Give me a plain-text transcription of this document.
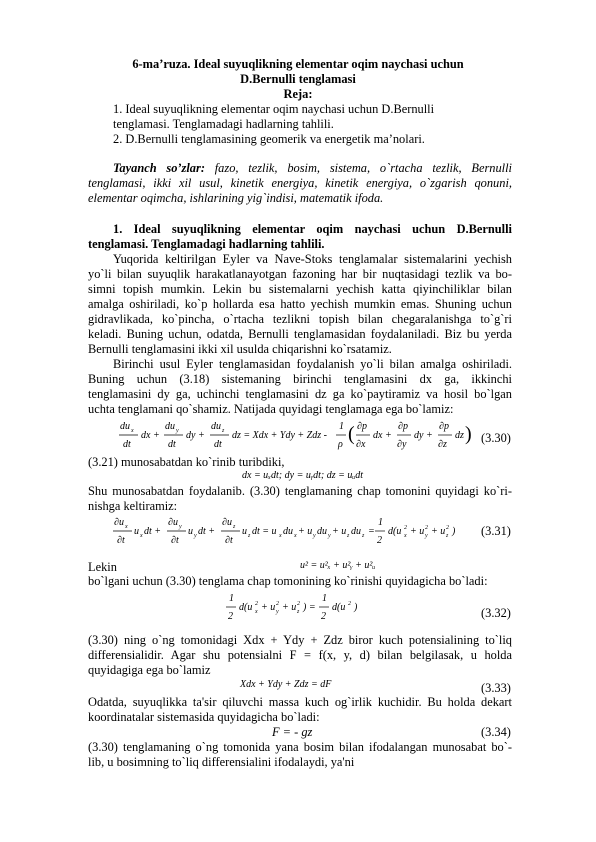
6-ma’ruza. Ideal suyuqlikning elementar oqim naychasi uchun
D.Bernulli tenglamasi
Reja:
1. Ideal suyuqlikning elementar oqim naychasi uchun D.Bernulli
tenglamasi. Tenglamadagi hadlarning tahlili.
2. D.Bernulli tenglamasining geomerik va energetik ma’nolari.
Tayanch so’zlar: fazo, tezlik, bosim, sistema, o`rtacha tezlik, Bernulli
tenglamasi, ikki xil usul, kinetik energiya, kinetik energiya, o`zgarish qonuni,
elementar oqimcha, ishlarining yig`indisi, matematik ifoda.
1. Ideal suyuqlikning elementar oqim naychasi uchun D.Bernulli
tenglamasi. Tenglamadagi hadlarning tahlili.
Yuqorida keltirilgan Eyler va Nave-Stoks tenglamalar sistemalarini yechish
yo`li bilan suyuqlik harakatlanayotgan fazoning har bir nuqtasidagi tezlik va bo-
simni topish mumkin. Lekin bu sistemalarni yechish katta qiyinchiliklar bilan
amalga oshiriladi, ko`p hollarda esa hatto yechish mumkin emas. Shuning uchun
gidravlikada, ko`pincha, o`rtacha tezlikni topish bilan chegaralanishga to`g`ri
keladi. Buning uchun, odatda, Bernulli tenglamasidan foydalaniladi. Biz bu yerda
Bernulli tenglamasini ikki xil usulda chiqarishni ko`rsatamiz.
Birinchi usul Eyler tenglamasidan foydalanish yo`li bilan amalga oshiriladi.
Buning uchun (3.18) sistemaning birinchi tenglamasini dx ga, ikkinchi
tenglamasini dy ga, uchinchi tenglamasini dz ga ko`paytiramiz va hosil bo`lgan
uchta tenglamani qo`shamiz. Natijada quyidagi tenglamaga ega bo`lamiz:
du x
dt
dx +
du y
dt
dy +
du z
dt
dz = Xdx + Ydy + Zdz -
1
ρ ( ∂p
∂x
dx +
∂p
∂y
dy +
∂p
∂z
dz ) (3.30)
(3.21) munosabatdan ko`rinib turibdiki,
dx = uₓdt; dy = uᵧdt; dz = uᵤdt
Shu munosabatdan foydalanib. (3.30) tenglamaning chap tomonini quyidagi ko`ri-
nishga keltiramiz:
∂u x
∂t
u x dt +
∂u y
∂t
u y dt +
∂u z
∂t
u z dt = u x du x + u y du y + u z du z =
1
2
d(u 2
x + u 2
y + u 2
z ) (3.31)
Lekin	u² = u²ₓ + u²ᵧ + u²ᵤ
bo`lgani uchun (3.30) tenglama chap tomonining ko`rinishi quyidagicha bo`ladi:
1
2
d(u 2
x + u 2
y + u 2
z ) =
1
2
d(u 2 )	(3.32)
(3.30) ning o`ng tomonidagi Xdx + Ydy + Zdz biror kuch potensialining to`liq
differensialidir. Agar shu potensialni F = f(x, y, d) bilan belgilasak, u holda
quyidagiga ega bo`lamiz
Xdx + Ydy + Zdz = dF	(3.33)
Odatda, suyuqlikka ta'sir qiluvchi massa kuch og`irlik kuchidir. Bu holda dekart
koordinatalar sistemasida quyidagicha bo`ladi:
F = - gz	(3.34)
(3.30) tenglamaning o`ng tomonida yana bosim bilan ifodalangan munosabat bo`-
lib, u bosimning to`liq differensialini ifodalaydi, ya'ni
